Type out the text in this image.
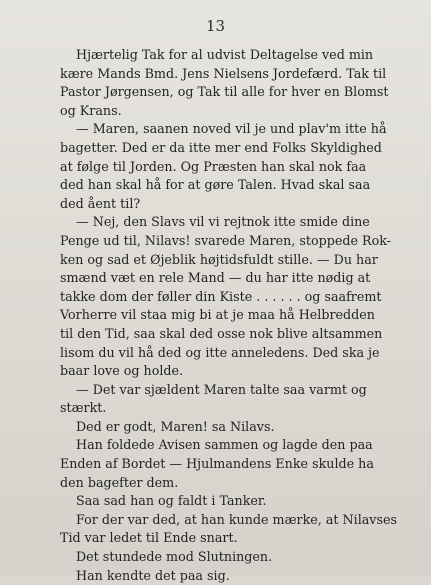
13

Hjærtelig Tak for al udvist Deltagelse ved min
kære Mands Bmd. Jens Nielsens Jordefærd. Tak til
Pastor Jørgensen, og Tak til alle for hver en Blomst
og Krans.

— Maren, saanen noved vil je und plav'm itte hå
bagetter. Ded er da itte mer end Folks Skyldighed
at følge til Jorden. Og Præsten han skal nok faa
ded han skal hå for at gøre Talen. Hvad skal saa
ded åent til?

— Nej, den Slavs vil vi rejtnok itte smide dine
Penge ud til, Nilavs! svarede Maren, stoppede Rok-
ken og sad et Øjeblik højtidsfuldt stille. — Du har
smænd væt en rele Mand — du har itte nødig at
takke dom der føller din Kiste . . . . . . og saafremt
Vorherre vil staa mig bi at je maa hå Helbredden
til den Tid, saa skal ded osse nok blive altsammen
lisom du vil hå ded og itte anneledens. Ded ska je
baar love og holde.

— Det var sjældent Maren talte saa varmt og
stærkt.

Ded er godt, Maren! sa Nilavs.

Han foldede Avisen sammen og lagde den paa
Enden af Bordet — Hjulmandens Enke skulde ha
den bagefter dem.

Saa sad han og faldt i Tanker.

For der var ded, at han kunde mærke, at Nilavses
Tid var ledet til Ende snart.

Det stundede mod Slutningen.

Han kendte det paa sig.
